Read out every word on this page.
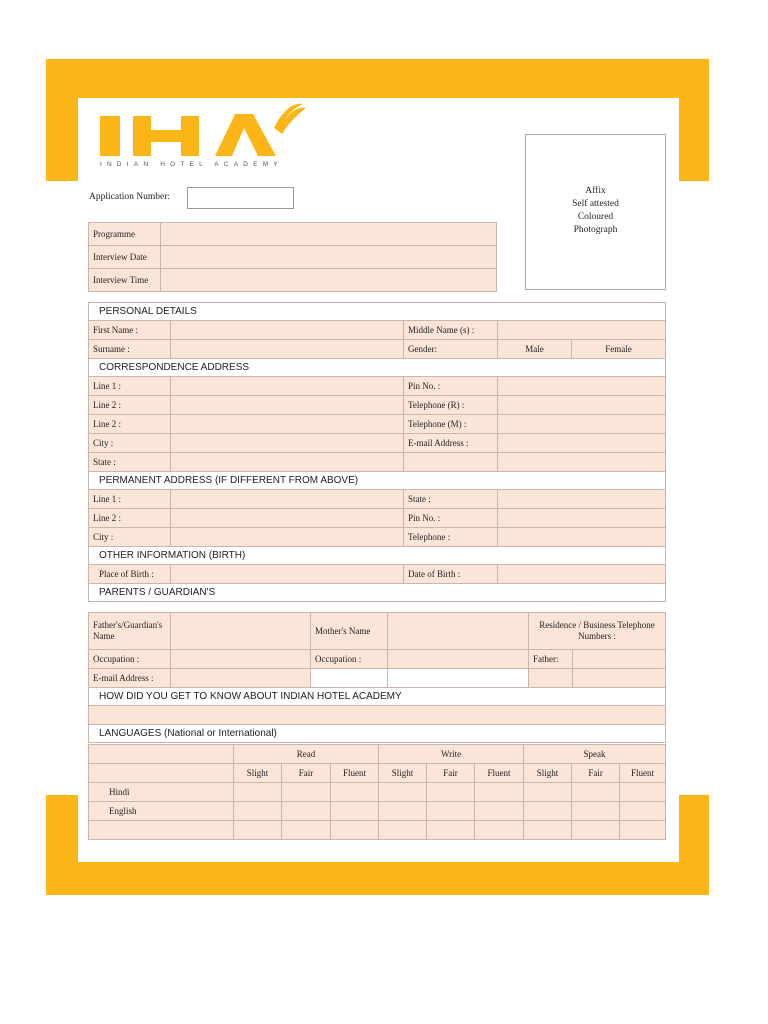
INDIAN HOTEL ACADEMY
Affix
Self attested
Coloured
Photograph
Application Number:
Programme	
Interview Date	
Interview Time	
PERSONAL DETAILS				
First Name :		Middle Name (s) :		
Surname :		Gender:	Male	Female
CORRESPONDENCE ADDRESS				
Line 1 :		Pin No. :		
Line 2 :		Telephone (R) :		
Line 2 :		Telephone (M) :		
City :		E-mail Address :		
State :				
PERMANENT ADDRESS (IF DIFFERENT FROM ABOVE)				
Line 1 :		State :		
Line 2 :		Pin No. :		
City :		Telephone :		
OTHER INFORMATION (BIRTH)				
Place of Birth :		Date of Birth :		
PARENTS / GUARDIAN'S				
Father's/Guardian's Name		Mother's Name		Residence / Business Telephone Numbers :	
Occupation :		Occupation :		Father:	
E-mail Address :					
HOW DID YOU GET TO KNOW ABOUT INDIAN HOTEL ACADEMY					

LANGUAGES (National or International)					
	Read			Write			Speak		
	Slight	Fair	Fluent	Slight	Fair	Fluent	Slight	Fair	Fluent
Hindi									
English									
